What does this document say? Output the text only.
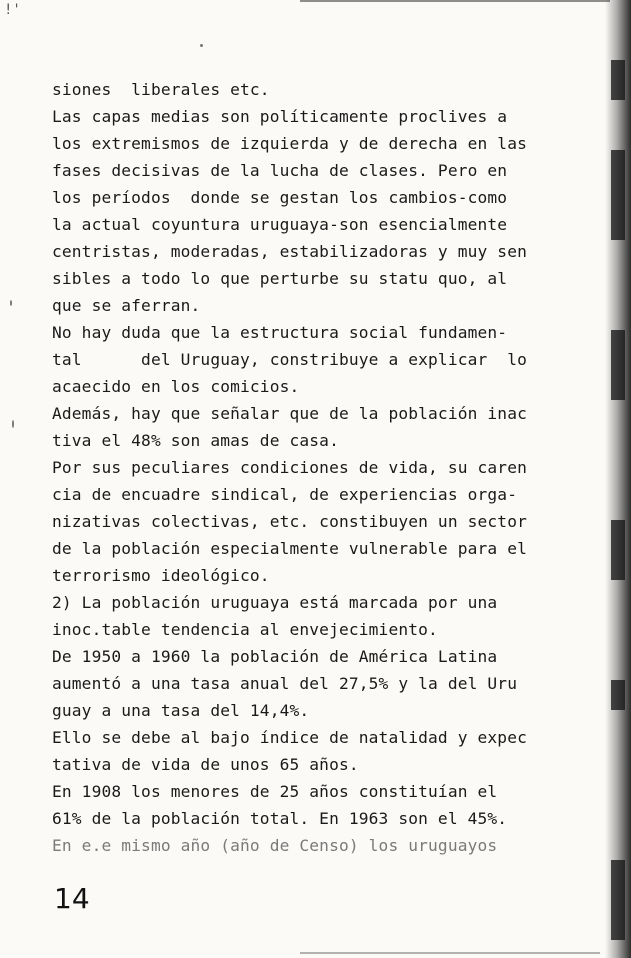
!'
siones  liberales etc.
Las capas medias son políticamente proclives a
los extremismos de izquierda y de derecha en las
fases decisivas de la lucha de clases. Pero en
los períodos  donde se gestan los cambios-como
la actual coyuntura uruguaya-son esencialmente
centristas, moderadas, estabilizadoras y muy sen
sibles a todo lo que perturbe su statu quo, al
que se aferran.
No hay duda que la estructura social fundamen-
tal      del Uruguay, constribuye a explicar  lo
acaecido en los comicios.
Además, hay que señalar que de la población inac
tiva el 48% son amas de casa.
Por sus peculiares condiciones de vida, su caren
cia de encuadre sindical, de experiencias orga-
nizativas colectivas, etc. constibuyen un sector
de la población especialmente vulnerable para el
terrorismo ideológico.
2) La población uruguaya está marcada por una
inoc.table tendencia al envejecimiento.
De 1950 a 1960 la población de América Latina
aumentó a una tasa anual del 27,5% y la del Uru
guay a una tasa del 14,4%.
Ello se debe al bajo índice de natalidad y expec
tativa de vida de unos 65 años.
En 1908 los menores de 25 años constituían el
61% de la población total. En 1963 son el 45%.
En e.e mismo año (año de Censo) los uruguayos
14
